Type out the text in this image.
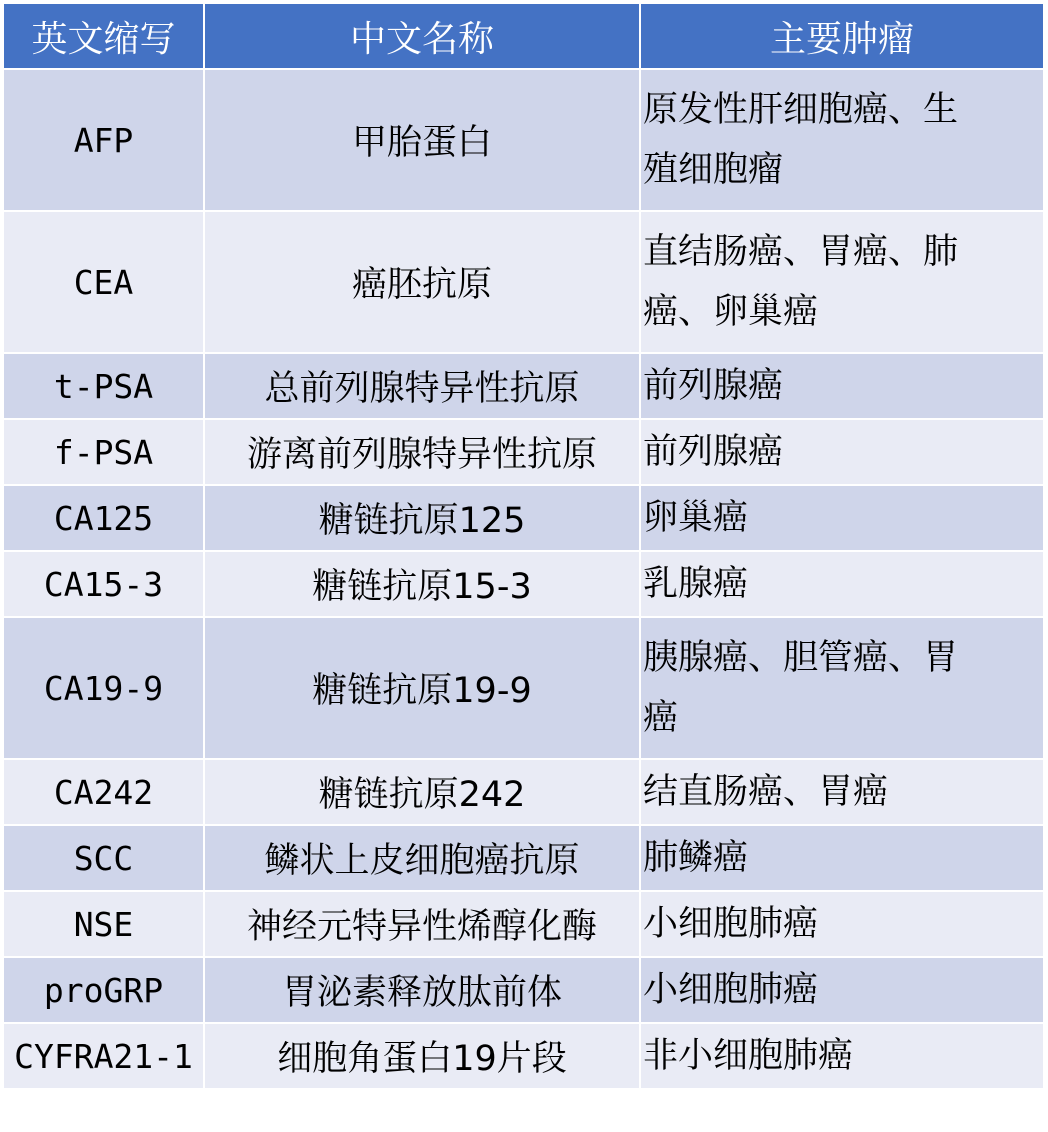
英文缩写	中文名称	主要肿瘤
AFP	甲胎蛋白	原发性肝细胞癌、生
殖细胞瘤
CEA	癌胚抗原	直结肠癌、胃癌、肺
癌、卵巢癌
t-PSA	总前列腺特异性抗原	前列腺癌
f-PSA	游离前列腺特异性抗原	前列腺癌
CA125	糖链抗原125	卵巢癌
CA15-3	糖链抗原15-3	乳腺癌
CA19-9	糖链抗原19-9	胰腺癌、胆管癌、胃
癌
CA242	糖链抗原242	结直肠癌、胃癌
SCC	鳞状上皮细胞癌抗原	肺鳞癌
NSE	神经元特异性烯醇化酶	小细胞肺癌
proGRP	胃泌素释放肽前体	小细胞肺癌
CYFRA21-1	细胞角蛋白19片段	非小细胞肺癌
